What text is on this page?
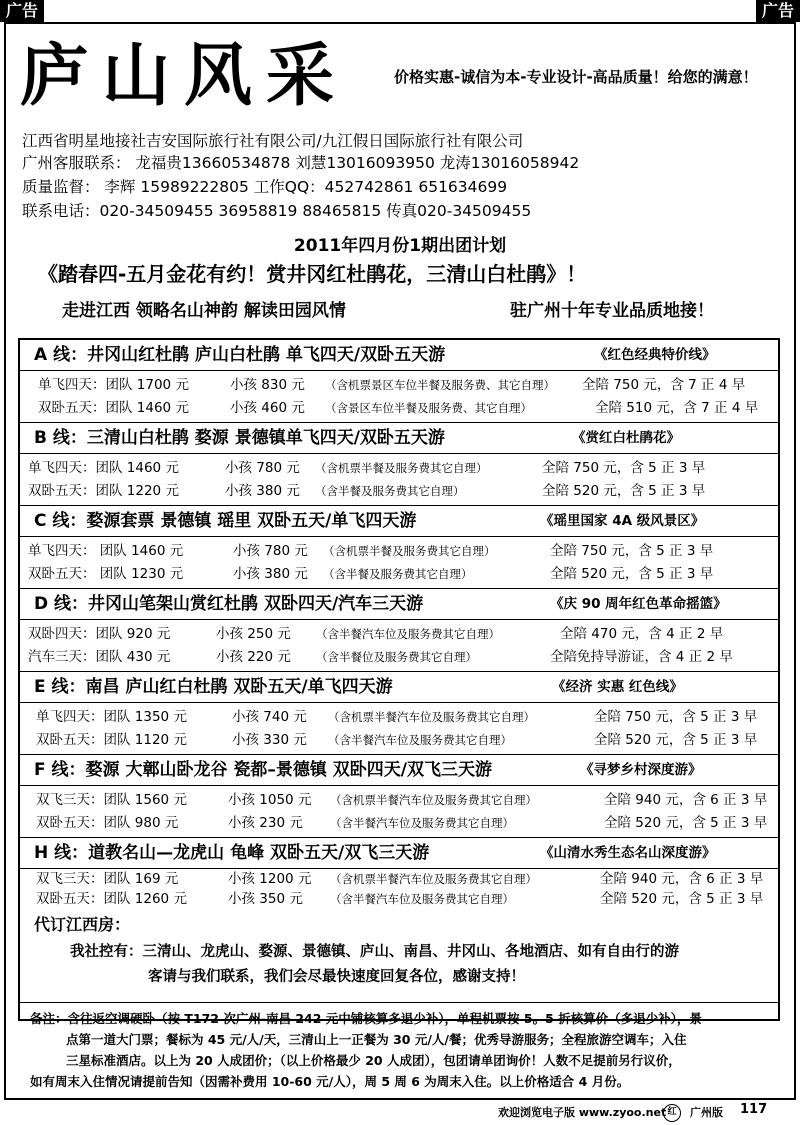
广告	广告
庐山风采	价格实惠-诚信为本-专业设计-高品质量！给您的满意！
江西省明星地接社吉安国际旅行社有限公司/九江假日国际旅行社有限公司
广州客服联系： 龙福贵13660534878 刘慧13016093950 龙涛13016058942
质量监督： 李辉 15989222805 工作QQ：452742861 651634699
联系电话：020-34509455 36958819 88465815 传真020-34509455
2011年四月份1期出团计划
《踏春四-五月金花有约！赏井冈红杜鹃花，三清山白杜鹃》！
走进江西 领略名山神韵 解读田园风情	驻广州十年专业品质地接！
A 线：井冈山红杜鹃 庐山白杜鹃 单飞四天/双卧五天游	《红色经典特价线》
单飞四天：团队 1700 元	小孩 830 元 （含机票景区车位半餐及服务费、其它自理） 全陪 750 元，含 7 正 4 早
双卧五天：团队 1460 元	小孩 460 元 （含景区车位半餐及服务费、其它自理）	全陪 510 元，含 7 正 4 早
B 线：三清山白杜鹃 婺源 景德镇单飞四天/双卧五天游	《赏红白杜鹃花》
单飞四天：团队 1460 元	小孩 780 元 （含机票半餐及服务费其它自理）	全陪 750 元，含 5 正 3 早
双卧五天：团队 1220 元	小孩 380 元 （含半餐及服务费其它自理）	全陪 520 元，含 5 正 3 早
C 线：婺源套票 景德镇 瑶里 双卧五天/单飞四天游	《瑶里国家 4A 级风景区》
单飞四天： 团队 1460 元	小孩 780 元 （含机票半餐及服务费其它自理）	全陪 750 元，含 5 正 3 早
双卧五天： 团队 1230 元	小孩 380 元 （含半餐及服务费其它自理）	全陪 520 元，含 5 正 3 早
D 线：井冈山笔架山赏红杜鹃 双卧四天/汽车三天游	《庆 90 周年红色革命摇篮》
双卧四天：团队 920 元	小孩 250 元 （含半餐汽车位及服务费其它自理）	全陪 470 元，含 4 正 2 早
汽车三天：团队 430 元	小孩 220 元 （含半餐位及服务费其它自理）	全陪免持导游证，含 4 正 2 早
E 线：南昌 庐山红白杜鹃 双卧五天/单飞四天游	《经济 实惠 红色线》
单飞四天：团队 1350 元	小孩 740 元 （含机票半餐汽车位及服务费其它自理）	全陪 750 元，含 5 正 3 早
双卧五天：团队 1120 元	小孩 330 元 （含半餐汽车位及服务费其它自理）	全陪 520 元，含 5 正 3 早
F 线：婺源 大鄣山卧龙谷 瓷都–景德镇 双卧四天/双飞三天游	《寻梦乡村深度游》
双飞三天：团队 1560 元	小孩 1050 元 （含机票半餐汽车位及服务费其它自理）	全陪 940 元，含 6 正 3 早
双卧五天：团队 980 元	小孩 230 元 （含半餐汽车位及服务费其它自理）	全陪 520 元，含 5 正 3 早
H 线：道教名山—龙虎山 龟峰 双卧五天/双飞三天游	《山清水秀生态名山深度游》
双飞三天：团队 169 元	小孩 1200 元 （含机票半餐汽车位及服务费其它自理）	全陪 940 元，含 6 正 3 早
双卧五天：团队 1260 元	小孩 350 元 （含半餐汽车位及服务费其它自理）	全陪 520 元，含 5 正 3 早
代订江西房：
我社控有：三清山、龙虎山、婺源、景德镇、庐山、南昌、井冈山、各地酒店、如有自由行的游
客请与我们联系，我们会尽最快速度回复各位，感谢支持！
备注：含往返空调硬卧（按 T172 次广州-南昌 242 元中铺核算多退少补），单程机票按 5。5 折核算价（多退少补），景
点第一道大门票；餐标为 45 元/人/天，三清山上一正餐为 30 元/人/餐；优秀导游服务；全程旅游空调车；入住
三星标准酒店。以上为 20 人成团价；（以上价格最少 20 人成团），包团请单团询价！人数不足提前另行议价，
如有周末入住情况请提前告知（因需补费用 10-60 元/人），周 5 周 6 为周末入住。以上价格适合 4 月份。
欢迎浏览电子版 www.zyoo.net 红	广州版 117
